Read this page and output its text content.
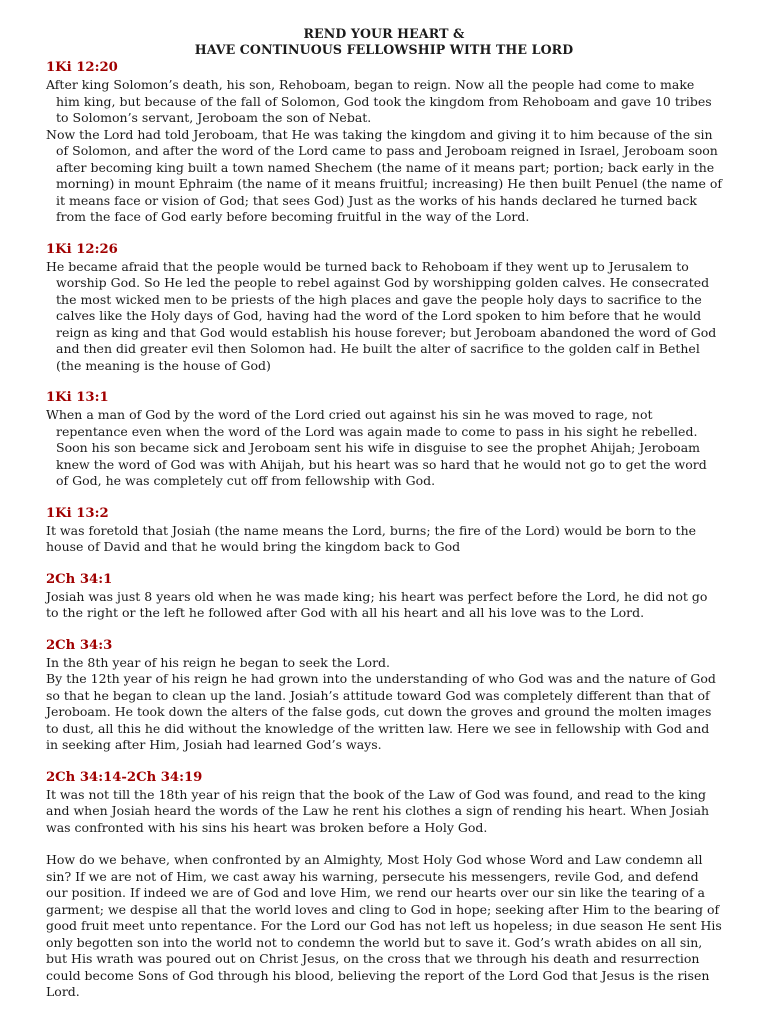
REND YOUR HEART &
HAVE CONTINUOUS FELLOWSHIP WITH THE LORD
1Ki 12:20

After king Solomon’s death, his son, Rehoboam, began to reign. Now all the people had come to make him king, but because of the fall of Solomon, God took the kingdom from Rehoboam and gave 10 tribes to Solomon’s servant, Jeroboam the son of Nebat.

Now the Lord had told Jeroboam, that He was taking the kingdom and giving it to him because of the sin of Solomon, and after the word of the Lord came to pass and Jeroboam reigned in Israel, Jeroboam soon after becoming king built a town named Shechem (the name of it means part; portion; back early in the morning) in mount Ephraim (the name of it means fruitful; increasing) He then built Penuel (the name of it means face or vision of God; that sees God) Just as the works of his hands declared he turned back from the face of God early before becoming fruitful in the way of the Lord.

1Ki 12:26

He became afraid that the people would be turned back to Rehoboam if they went up to Jerusalem to worship God. So He led the people to rebel against God by worshipping golden calves. He consecrated the most wicked men to be priests of the high places and gave the people holy days to sacrifice to the calves like the Holy days of God, having had the word of the Lord spoken to him before that he would reign as king and that God would establish his house forever; but Jeroboam abandoned the word of God and then did greater evil then Solomon had. He built the alter of sacrifice to the golden calf in Bethel (the meaning is the house of God)

1Ki 13:1

When a man of God by the word of the Lord cried out against his sin he was moved to rage, not repentance even when the word of the Lord was again made to come to pass in his sight he rebelled. Soon his son became sick and Jeroboam sent his wife in disguise to see the prophet Ahijah; Jeroboam knew the word of God was with Ahijah, but his heart was so hard that he would not go to get the word of God, he was completely cut off from fellowship with God.

1Ki 13:2

It was foretold that Josiah (the name means the Lord, burns; the fire of the Lord) would be born to the house of David and that he would bring the kingdom back to God

2Ch 34:1

Josiah was just 8 years old when he was made king; his heart was perfect before the Lord, he did not go to the right or the left he followed after God with all his heart and all his love was to the Lord.

2Ch 34:3

In the 8th year of his reign he began to seek the Lord.

By the 12th year of his reign he had grown into the understanding of who God was and the nature of God so that he began to clean up the land. Josiah’s attitude toward God was completely different than that of Jeroboam. He took down the alters of the false gods, cut down the groves and ground the molten images to dust, all this he did without the knowledge of the written law. Here we see in fellowship with God and in seeking after Him, Josiah had learned God’s ways.

2Ch 34:14-2Ch 34:19

It was not till the 18th year of his reign that the book of the Law of God was found, and read to the king and when Josiah heard the words of the Law he rent his clothes a sign of rending his heart. When Josiah was confronted with his sins his heart was broken before a Holy God.

How do we behave, when confronted by an Almighty, Most Holy God whose Word and Law condemn all sin? If we are not of Him, we cast away his warning, persecute his messengers, revile God, and defend our position. If indeed we are of God and love Him, we rend our hearts over our sin like the tearing of a garment; we despise all that the world loves and cling to God in hope; seeking after Him to the bearing of good fruit meet unto repentance. For the Lord our God has not left us hopeless; in due season He sent His only begotten son into the world not to condemn the world but to save it. God’s wrath abides on all sin, but His wrath was poured out on Christ Jesus, on the cross that we through his death and resurrection could become Sons of God through his blood, believing the report of the Lord God that Jesus is the risen Lord.
